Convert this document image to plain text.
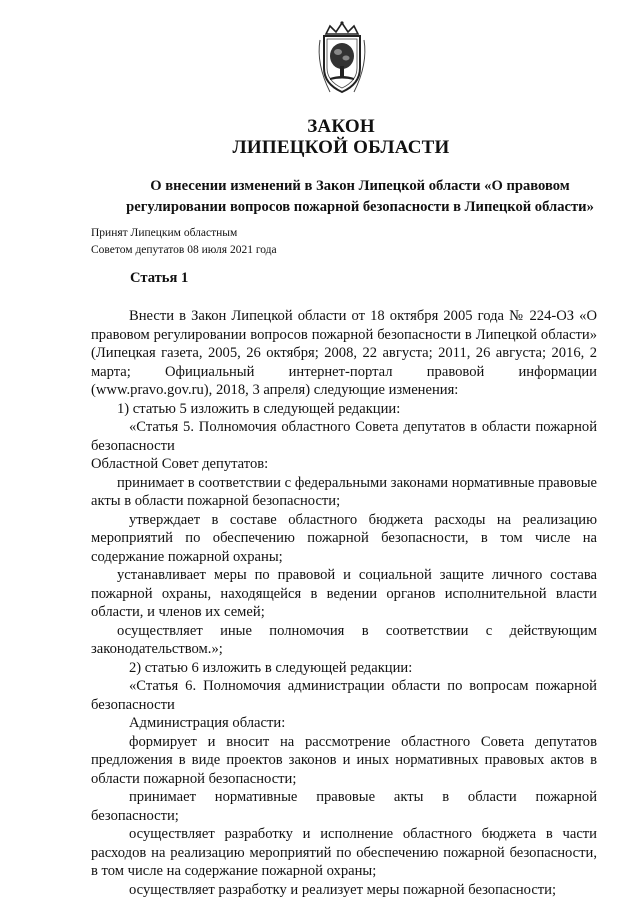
ЗАКОН
ЛИПЕЦКОЙ ОБЛАСТИ
О внесении изменений в Закон Липецкой области «О правовом регулировании вопросов пожарной безопасности в Липецкой области»
Принят Липецким областным
Советом депутатов 08 июля 2021 года
Статья 1

Внести в Закон Липецкой области от 18 октября 2005 года № 224-ОЗ «О правовом регулировании вопросов пожарной безопасности в Липецкой области» (Липецкая газета, 2005, 26 октября; 2008, 22 августа; 2011, 26 августа; 2016, 2 марта; Официальный интернет-портал правовой информации (www.pravo.gov.ru), 2018, 3 апреля) следующие изменения:

1) статью 5 изложить в следующей редакции:

«Статья 5. Полномочия областного Совета депутатов в области пожарной безопасности

Областной Совет депутатов:

принимает в соответствии с федеральными законами нормативные правовые акты в области пожарной безопасности;

утверждает в составе областного бюджета расходы на реализацию мероприятий по обеспечению пожарной безопасности, в том числе на содержание пожарной охраны;

устанавливает меры по правовой и социальной защите личного состава пожарной охраны, находящейся в ведении органов исполнительной власти области, и членов их семей;

осуществляет иные полномочия в соответствии с действующим законодательством.»;

2) статью 6 изложить в следующей редакции:

«Статья 6. Полномочия администрации области по вопросам пожарной безопасности

Администрация области:

формирует и вносит на рассмотрение областного Совета депутатов предложения в виде проектов законов и иных нормативных правовых актов в области пожарной безопасности;

принимает нормативные правовые акты в области пожарной безопасности;

осуществляет разработку и исполнение областного бюджета в части расходов на реализацию мероприятий по обеспечению пожарной безопасности, в том числе на содержание пожарной охраны;

осуществляет разработку и реализует меры пожарной безопасности;
